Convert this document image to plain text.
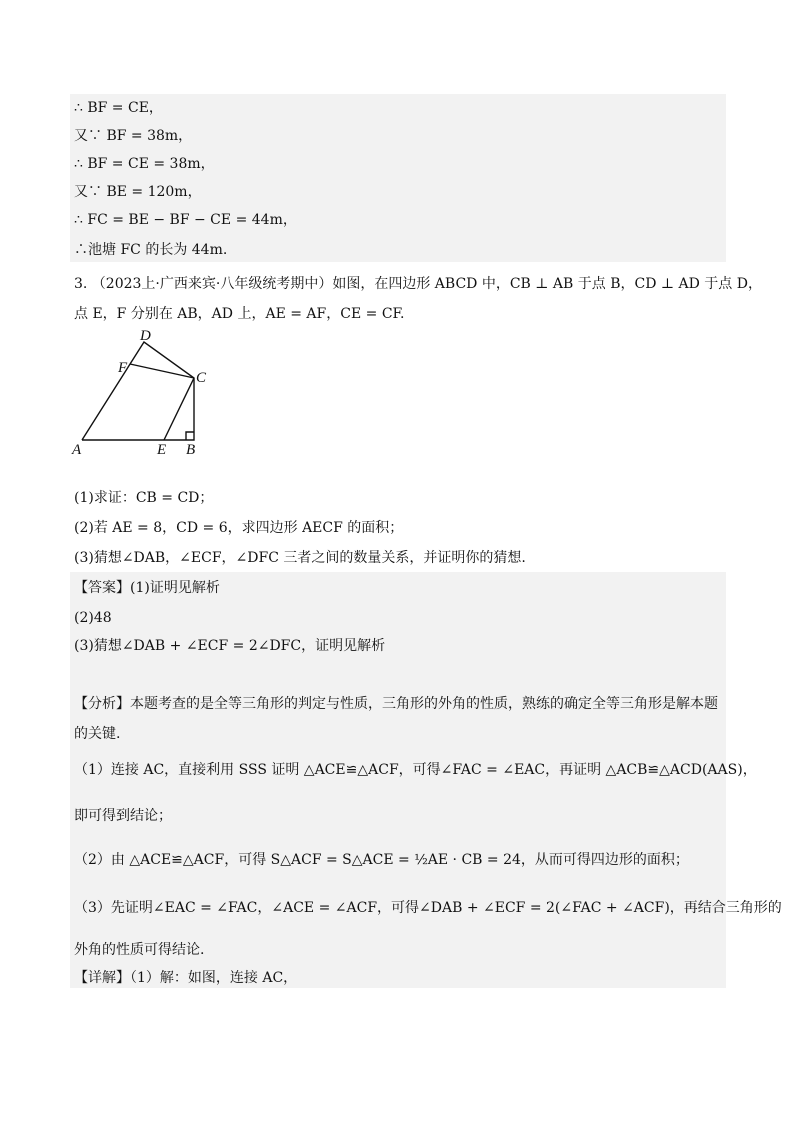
∴ BF = CE，
又∵ BF = 38m，
∴ BF = CE = 38m，
又∵ BE = 120m，
∴ FC = BE − BF − CE = 44m，
∴池塘 FC 的长为 44m.
3. （2023上·广西来宾·八年级统考期中）如图，在四边形 ABCD 中，CB ⊥ AB 于点 B，CD ⊥ AD 于点 D，
点 E，F 分别在 AB，AD 上，AE = AF，CE = CF.
D
F
C
A	E B
(1)求证：CB = CD；
(2)若 AE = 8，CD = 6，求四边形 AECF 的面积；
(3)猜想∠DAB，∠ECF，∠DFC 三者之间的数量关系，并证明你的猜想.
【答案】(1)证明见解析
(2)48
(3)猜想∠DAB + ∠ECF = 2∠DFC，证明见解析
【分析】本题考查的是全等三角形的判定与性质，三角形的外角的性质，熟练的确定全等三角形是解本题
的关键.
（1）连接 AC，直接利用 SSS 证明 △ACE≌△ACF，可得∠FAC = ∠EAC，再证明 △ACB≌△ACD(AAS)，
即可得到结论；
（2）由 △ACE≌△ACF，可得 S△ACF = S△ACE = ½AE · CB = 24，从而可得四边形的面积；
（3）先证明∠EAC = ∠FAC，∠ACE = ∠ACF，可得∠DAB + ∠ECF = 2(∠FAC + ∠ACF)，再结合三角形的
外角的性质可得结论.
【详解】（1）解：如图，连接 AC，
